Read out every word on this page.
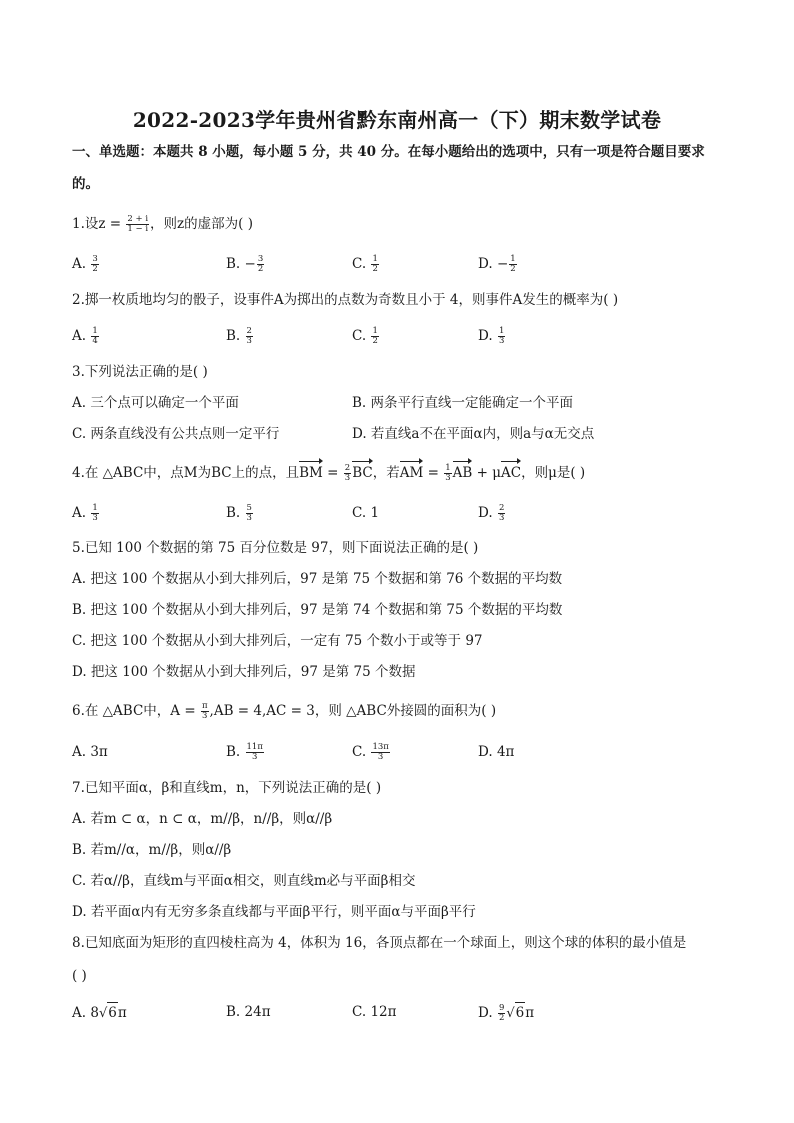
2022-2023学年贵州省黔东南州高一（下）期末数学试卷
一、单选题：本题共 8 小题，每小题 5 分，共 40 分。在每小题给出的选项中，只有一项是符合题目要求
的。
1.设$z = \frac{2 + i}{1 - i}$ ，则z的虚部为( )
A. $\frac{3}{2}$	B. − $\frac{3}{2}$	C. $\frac{1}{2}$	D. − $\frac{1}{2}$
2.掷一枚质地均匀的骰子，设事件A为掷出的点数为奇数且小于 4，则事件A发生的概率为( )
A. $\frac{1}{4}$	B. $\frac{2}{3}$	C. $\frac{1}{2}$	D. $\frac{1}{3}$
3.下列说法正确的是( )
A. 三个点可以确定一个平面	B. 两条平行直线一定能确定一个平面
C. 两条直线没有公共点则一定平行	D. 若直线a不在平面α内，则a与α无交点
4.在 △ABC中，点M为BC上的点，且BM = $\frac{2}{3}$ BC，若AM = $\frac{1}{3}$ AB + μAC，则μ是( )
A. $\frac{1}{3}$	B. $\frac{5}{3}$	C. 1	D. $\frac{2}{3}$
5.已知 100 个数据的第 75 百分位数是 97，则下面说法正确的是( )
A. 把这 100 个数据从小到大排列后，97 是第 75 个数据和第 76 个数据的平均数
B. 把这 100 个数据从小到大排列后，97 是第 74 个数据和第 75 个数据的平均数
C. 把这 100 个数据从小到大排列后，一定有 75 个数小于或等于 97
D. 把这 100 个数据从小到大排列后，97 是第 75 个数据
6.在 △ABC中，$A = \frac{\pi}{3} ,AB = 4,AC = 3$，则 △ABC外接圆的面积为( )
A. 3π	B. $\frac{11\pi}{3}$	C. $\frac{13\pi}{3}$	D. 4π
7.已知平面α，β和直线m，n，下列说法正确的是( )
A. 若m ⊂ α，n ⊂ α，m//β，n//β，则α//β
B. 若m//α，m//β，则α//β
C. 若α//β，直线m与平面α相交，则直线m必与平面β相交
D. 若平面α内有无穷多条直线都与平面β平行，则平面α与平面β平行
8.已知底面为矩形的直四棱柱高为 4，体积为 16，各顶点都在一个球面上，则这个球的体积的最小值是
( )
A. 8√6π	B. 24π	C. 12π	D. $\frac{9}{2} √6\pi$
